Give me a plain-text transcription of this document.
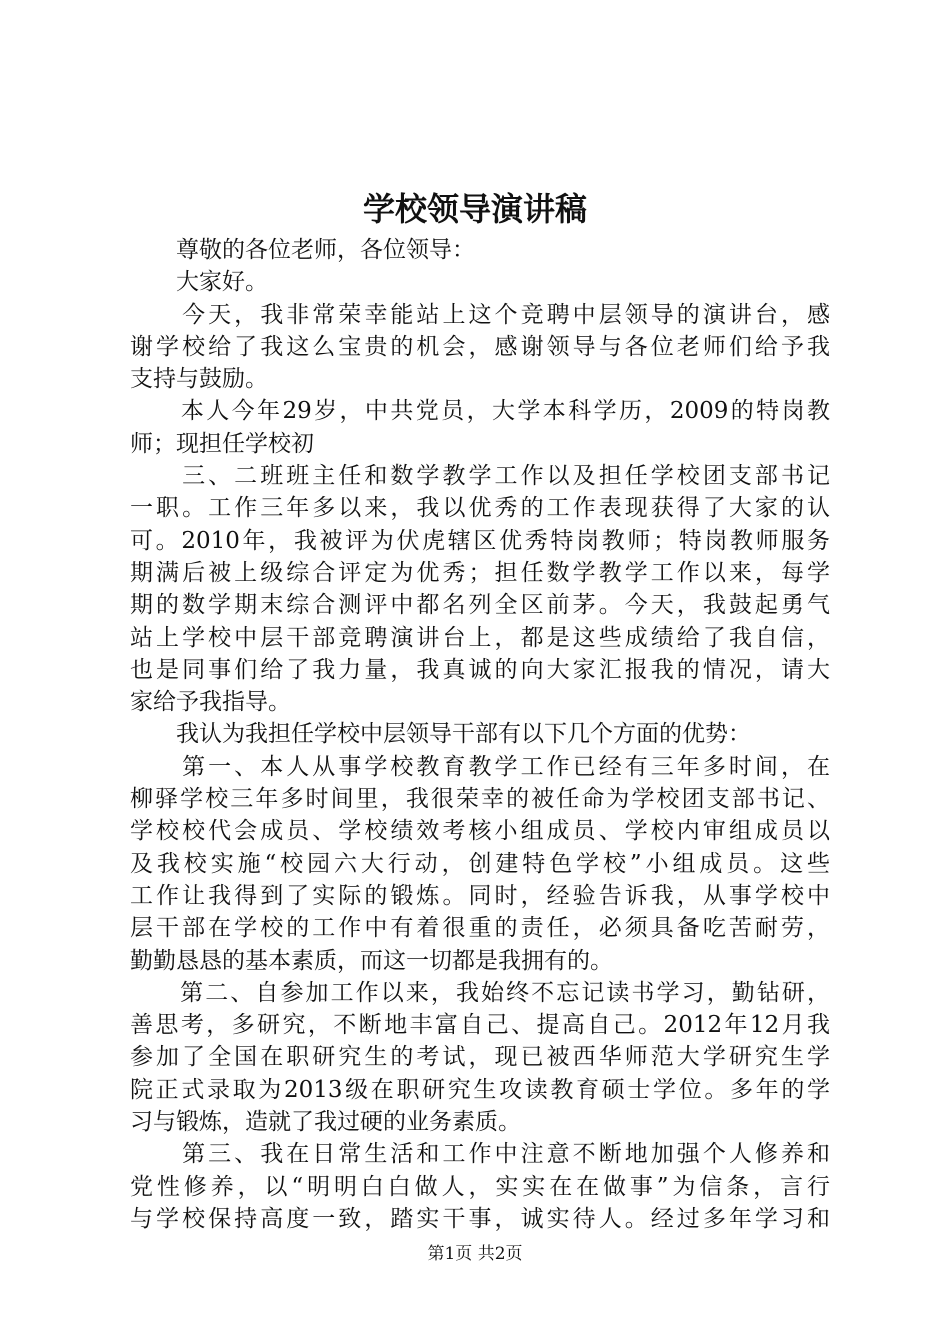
学校领导演讲稿
　　尊敬的各位老师，各位领导：
　　大家好。
　　今天，我非常荣幸能站上这个竞聘中层领导的演讲台，感
谢学校给了我这么宝贵的机会，感谢领导与各位老师们给予我
支持与鼓励。
　　本人今年29岁，中共党员，大学本科学历，2009的特岗教
师；现担任学校初
　　三、二班班主任和数学教学工作以及担任学校团支部书记
一职。工作三年多以来，我以优秀的工作表现获得了大家的认
可。2010年，我被评为伏虎辖区优秀特岗教师；特岗教师服务
期满后被上级综合评定为优秀；担任数学教学工作以来，每学
期的数学期末综合测评中都名列全区前茅。今天，我鼓起勇气
站上学校中层干部竞聘演讲台上，都是这些成绩给了我自信，
也是同事们给了我力量，我真诚的向大家汇报我的情况，请大
家给予我指导。
　　我认为我担任学校中层领导干部有以下几个方面的优势：
　　第一、本人从事学校教育教学工作已经有三年多时间，在
柳驿学校三年多时间里，我很荣幸的被任命为学校团支部书记、
学校校代会成员、学校绩效考核小组成员、学校内审组成员以
及我校实施“校园六大行动，创建特色学校”小组成员。这些
工作让我得到了实际的锻炼。同时，经验告诉我，从事学校中
层干部在学校的工作中有着很重的责任，必须具备吃苦耐劳，
勤勤恳恳的基本素质，而这一切都是我拥有的。
　　第二、自参加工作以来，我始终不忘记读书学习，勤钻研，
善思考，多研究，不断地丰富自己、提高自己。2012年12月我
参加了全国在职研究生的考试，现已被西华师范大学研究生学
院正式录取为2013级在职研究生攻读教育硕士学位。多年的学
习与锻炼，造就了我过硬的业务素质。
　　第三、我在日常生活和工作中注意不断地加强个人修养和
党性修养，以“明明白白做人，实实在在做事”为信条，言行
与学校保持高度一致，踏实干事，诚实待人。经过多年学习和
第1页 共2页
